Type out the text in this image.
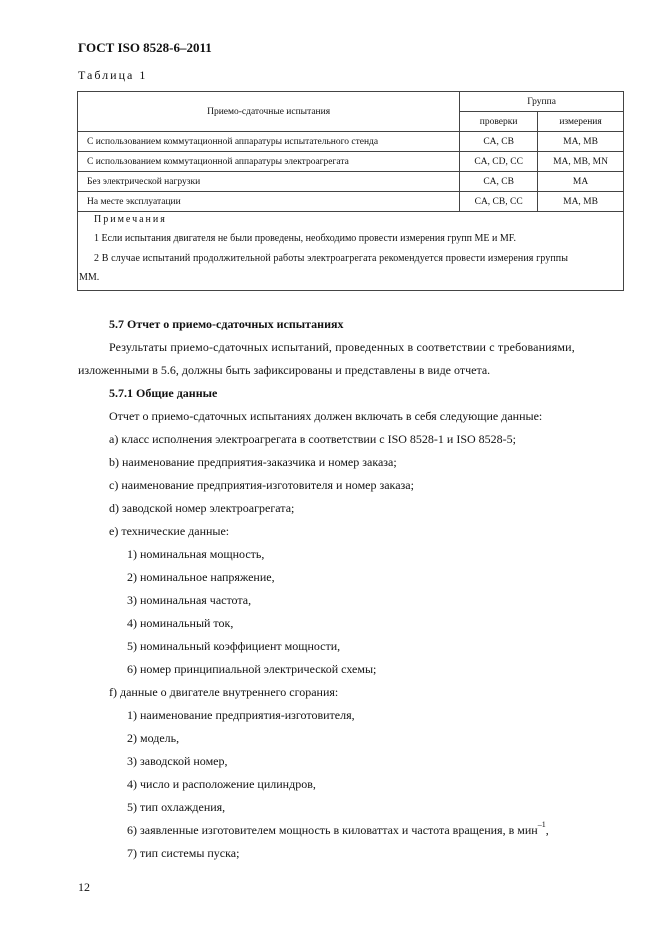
ГОСТ ISO 8528-6–2011
Таблица 1
Приемо-сдаточные испытания	Группа	
	проверки	измерения
С использованием коммутационной аппаратуры испытательного стенда	CA, CB	MA, MB
С использованием коммутационной аппаратуры электроагрегата	CA, CD, CC	MA, MB, MN
Без электрической нагрузки	CA, CB	MA
На месте эксплуатации	CA, CB, CC	MA, MB

Примечания
1 Если испытания двигателя не были проведены, необходимо провести измерения групп ME и MF.
2 В случае испытаний продолжительной работы электроагрегата рекомендуется провести измерения группы
MM.		
5.7 Отчет о приемо-сдаточных испытаниях
Результаты приемо-сдаточных испытаний, проведенных в соответствии с требованиями,
изложенными в 5.6, должны быть зафиксированы и представлены в виде отчета.
5.7.1 Общие данные
Отчет о приемо-сдаточных испытаниях должен включать в себя следующие данные:
a) класс исполнения электроагрегата в соответствии с ISO 8528-1 и ISO 8528-5;
b) наименование предприятия-заказчика и номер заказа;
c) наименование предприятия-изготовителя и номер заказа;
d) заводской номер электроагрегата;
e) технические данные:
1) номинальная мощность,
2) номинальное напряжение,
3) номинальная частота,
4) номинальный ток,
5) номинальный коэффициент мощности,
6) номер принципиальной электрической схемы;
f) данные о двигателе внутреннего сгорания:
1) наименование предприятия-изготовителя,
2) модель,
3) заводской номер,
4) число и расположение цилиндров,
5) тип охлаждения,
6) заявленные изготовителем мощность в киловаттах и частота вращения, в мин$^{-1}$,
7) тип системы пуска;
12
